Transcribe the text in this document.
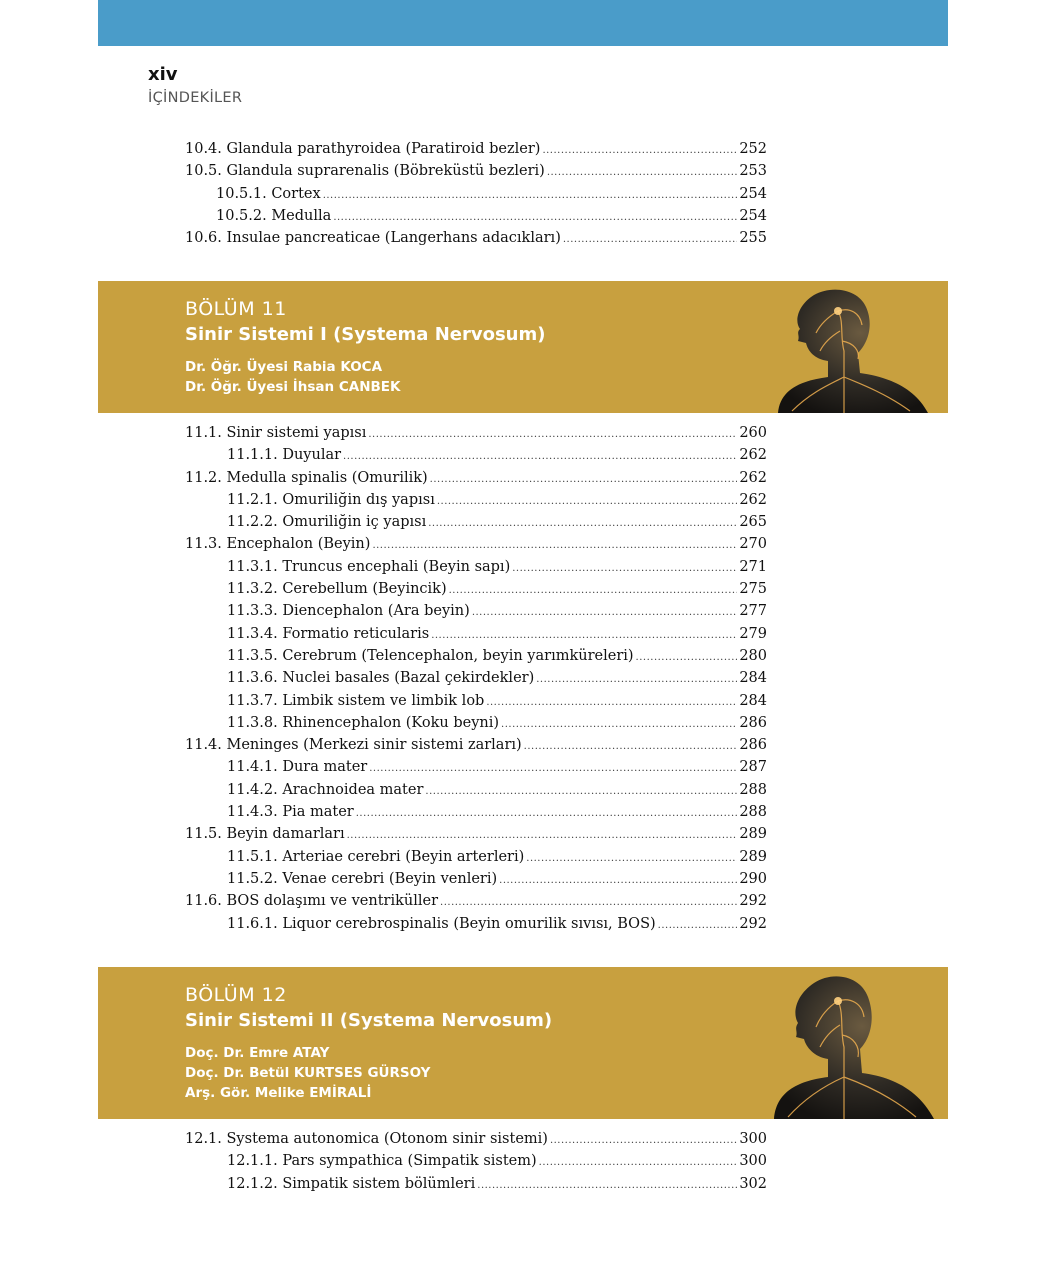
xiv
İÇİNDEKİLER
10.4. Glandula parathyroidea (Paratiroid bezler) .....	252
10.5. Glandula suprarenalis (Böbreküstü bezleri) .....	253
10.5.1. Cortex .....	254
10.5.2. Medulla .....	254
10.6. Insulae pancreaticae (Langerhans adacıkları) .....	255
BÖLÜM 11
Sinir Sistemi I (Systema Nervosum)
Dr. Öğr. Üyesi Rabia KOCA
Dr. Öğr. Üyesi İhsan CANBEK
11.1. Sinir sistemi yapısı .....	260
11.1.1. Duyular .....	262
11.2. Medulla spinalis (Omurilik) .....	262
11.2.1. Omuriliğin dış yapısı .....	262
11.2.2. Omuriliğin iç yapısı .....	265
11.3. Encephalon (Beyin) .....	270
11.3.1. Truncus encephali (Beyin sapı) .....	271
11.3.2. Cerebellum (Beyincik) .....	275
11.3.3. Diencephalon (Ara beyin) .....	277
11.3.4. Formatio reticularis .....	279
11.3.5. Cerebrum (Telencephalon, beyin yarımküreleri) .....	280
11.3.6. Nuclei basales (Bazal çekirdekler) .....	284
11.3.7. Limbik sistem ve limbik lob .....	284
11.3.8. Rhinencephalon (Koku beyni) .....	286
11.4. Meninges (Merkezi sinir sistemi zarları) .....	286
11.4.1. Dura mater .....	287
11.4.2. Arachnoidea mater .....	288
11.4.3. Pia mater .....	288
11.5. Beyin damarları .....	289
11.5.1. Arteriae cerebri (Beyin arterleri) .....	289
11.5.2. Venae cerebri (Beyin venleri) .....	290
11.6. BOS dolaşımı ve ventriküller .....	292
11.6.1. Liquor cerebrospinalis (Beyin omurilik sıvısı, BOS) .....	292
BÖLÜM 12
Sinir Sistemi II (Systema Nervosum)
Doç. Dr. Emre ATAY
Doç. Dr. Betül KURTSES GÜRSOY
Arş. Gör. Melike EMİRALİ
12.1. Systema autonomica (Otonom sinir sistemi) .....	300
12.1.1. Pars sympathica (Simpatik sistem) .....	300
12.1.2. Simpatik sistem bölümleri .....	302
